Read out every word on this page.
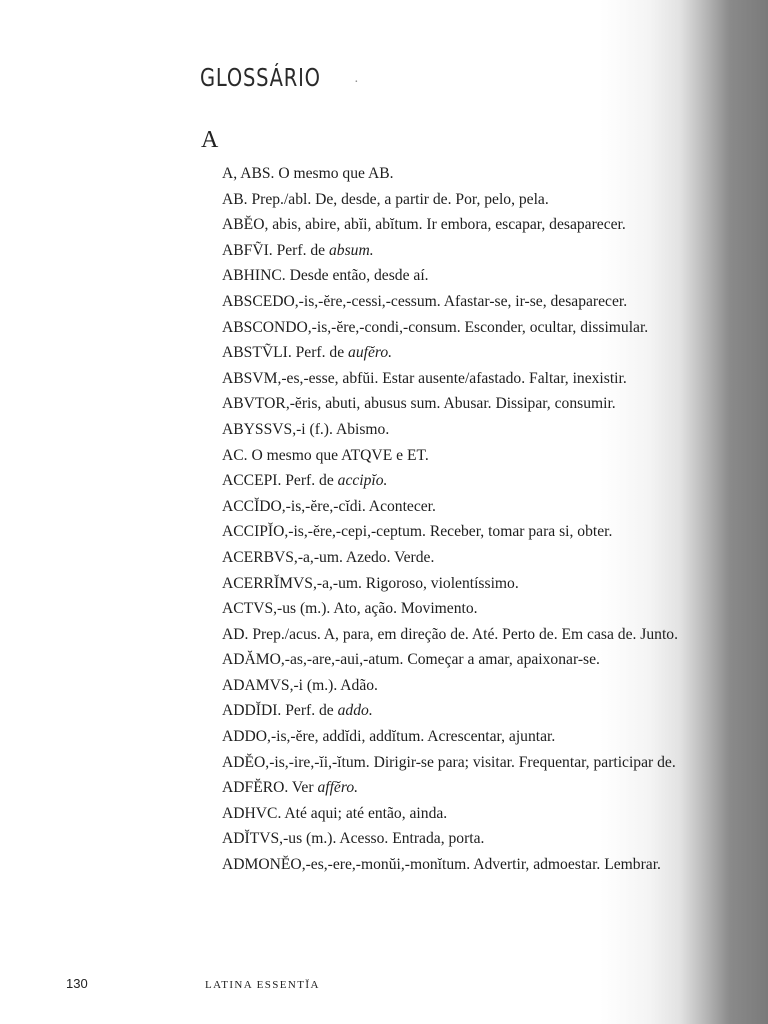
GLOSSÁRIO ·
A
A, ABS. O mesmo que AB.
AB. Prep./abl. De, desde, a partir de. Por, pelo, pela.
ABĔO, abis, abire, abĭi, abĭtum. Ir embora, escapar, desaparecer.
ABFṼI. Perf. de absum.
ABHINC. Desde então, desde aí.
ABSCEDO,-is,-ĕre,-cessi,-cessum. Afastar-se, ir-se, desaparecer.
ABSCONDO,-is,-ĕre,-condi,-consum. Esconder, ocultar, dissimular.
ABSTṼLI. Perf. de aufĕro.
ABSVM,-es,-esse, abfŭi. Estar ausente/afastado. Faltar, inexistir.
ABVTOR,-ĕris, abuti, abusus sum. Abusar. Dissipar, consumir.
ABYSSVS,-i (f.). Abismo.
AC. O mesmo que ATQVE e ET.
ACCEPI. Perf. de accipĭo.
ACCĬDO,-is,-ĕre,-cĭdi. Acontecer.
ACCIPĬO,-is,-ĕre,-cepi,-ceptum. Receber, tomar para si, obter.
ACERBVS,-a,-um. Azedo. Verde.
ACERRĬMVS,-a,-um. Rigoroso, violentíssimo.
ACTVS,-us (m.). Ato, ação. Movimento.
AD. Prep./acus. A, para, em direção de. Até. Perto de. Em casa de. Junto.
ADĂMO,-as,-are,-aui,-atum. Começar a amar, apaixonar-se.
ADAMVS,-i (m.). Adão.
ADDĬDI. Perf. de addo.
ADDO,-is,-ĕre, addĭdi, addĭtum. Acrescentar, ajuntar.
ADĔO,-is,-ire,-ĭi,-ĭtum. Dirigir-se para; visitar. Frequentar, participar de.
ADFĔRO. Ver affĕro.
ADHVC. Até aqui; até então, ainda.
ADĬTVS,-us (m.). Acesso. Entrada, porta.
ADMONĔO,-es,-ere,-monŭi,-monĭtum. Advertir, admoestar. Lembrar.
130	LATINA ESSENTĬA
